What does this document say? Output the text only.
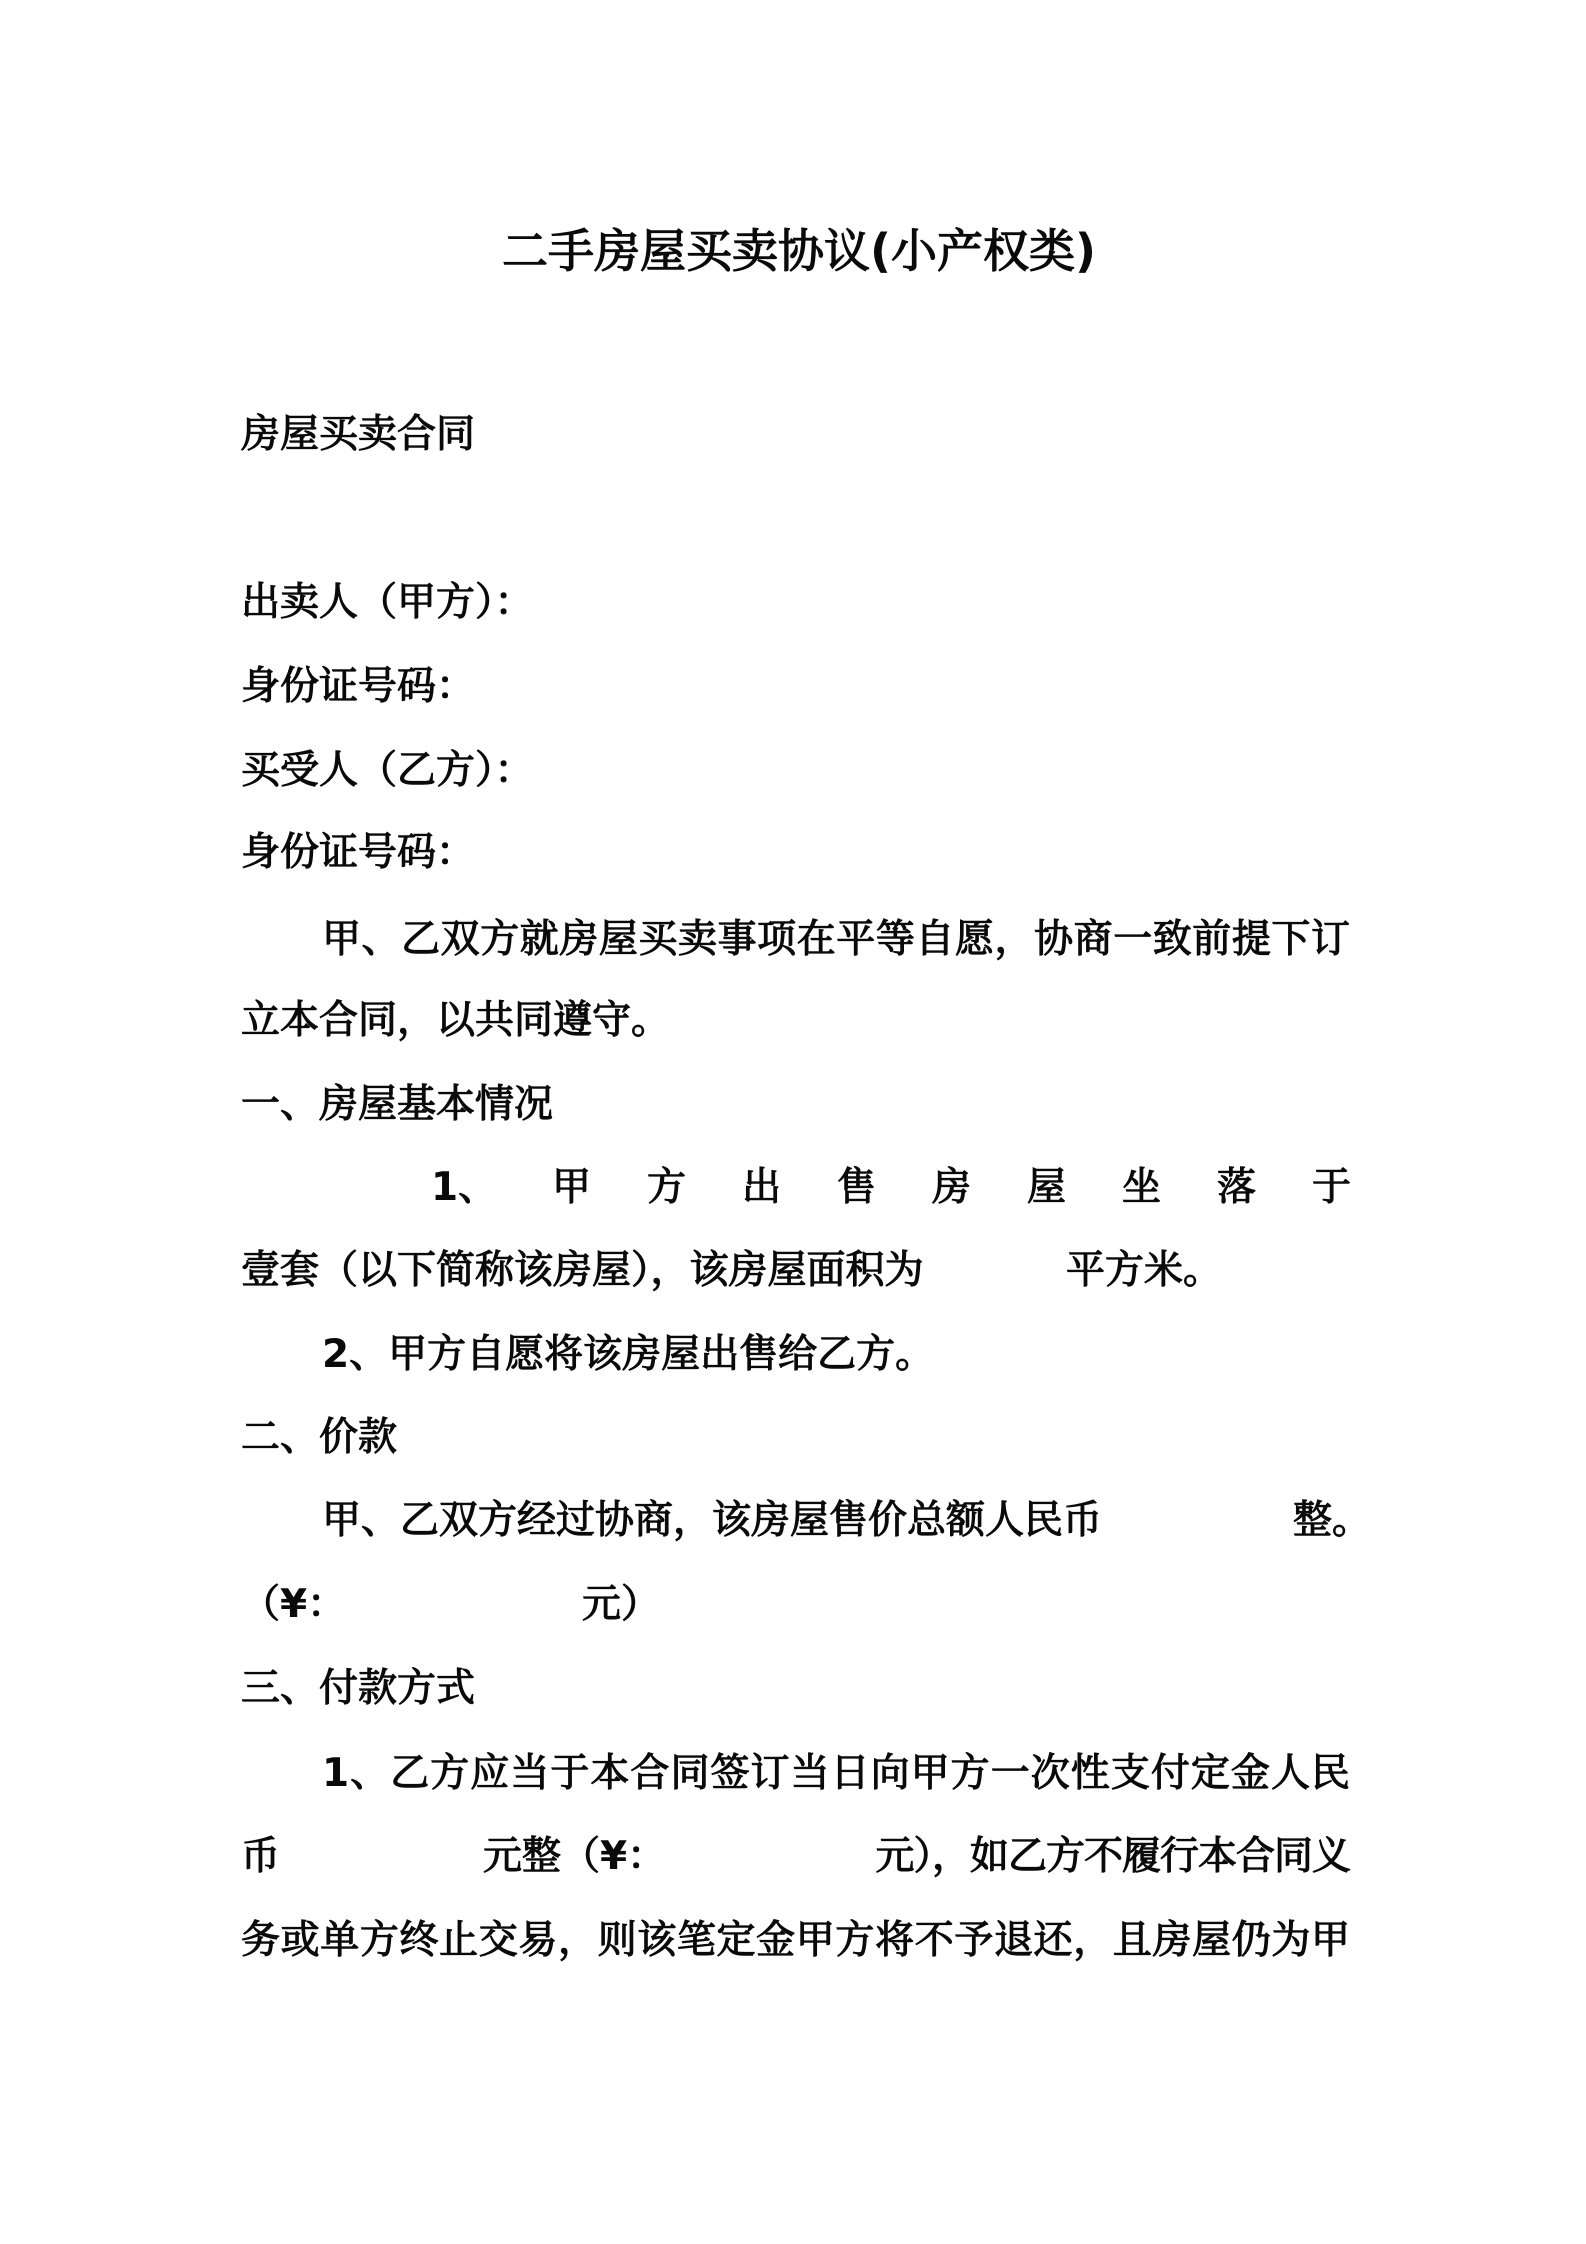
二手房屋买卖协议(小产权类)
房屋买卖合同
出卖人（甲方）：
身份证号码：
买受人（乙方）：
身份证号码：
甲、乙双方就房屋买卖事项在平等自愿，协商一致前提下订
立本合同，以共同遵守。
一、房屋基本情况
1、 甲方出售房屋坐落于
壹套（以下简称该房屋），该房屋面积为	平方米。
2、甲方自愿将该房屋出售给乙方。
二、价款
甲、乙双方经过协商，该房屋售价总额人民币	整。
（¥：	元）
三、付款方式
1、乙方应当于本合同签订当日向甲方一次性支付定金人民
币	元整（¥：	元），如乙方不履行本合同义
务或单方终止交易，则该笔定金甲方将不予退还，且房屋仍为甲
